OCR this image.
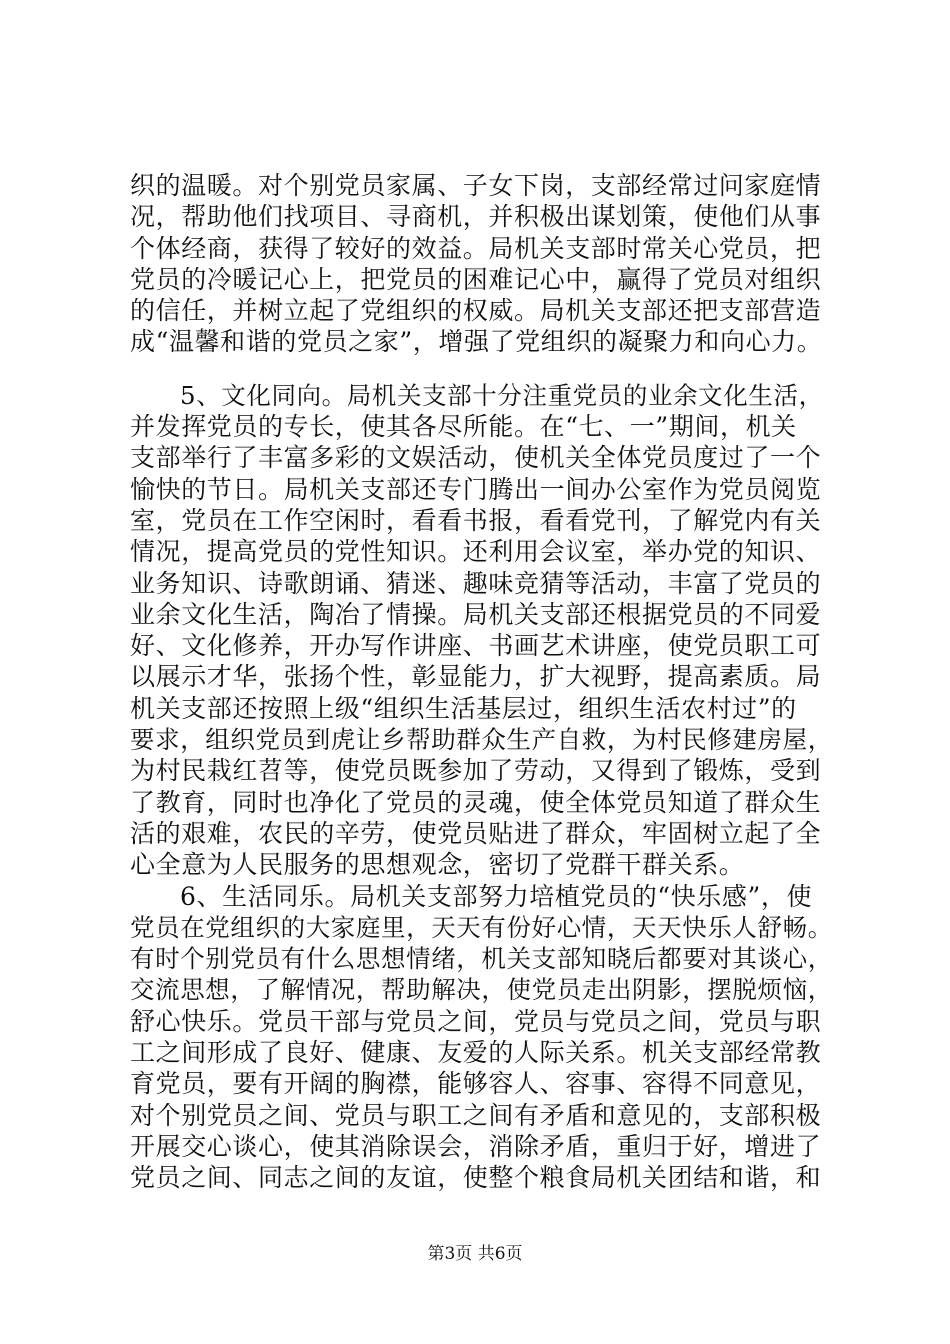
织的温暖。对个别党员家属、子女下岗，支部经常过问家庭情
况，帮助他们找项目、寻商机，并积极出谋划策，使他们从事
个体经商，获得了较好的效益。局机关支部时常关心党员，把
党员的冷暖记心上，把党员的困难记心中，赢得了党员对组织
的信任，并树立起了党组织的权威。局机关支部还把支部营造
成“温馨和谐的党员之家”，增强了党组织的凝聚力和向心力。
5、文化同向。局机关支部十分注重党员的业余文化生活，
并发挥党员的专长，使其各尽所能。在“七、一”期间，机关
支部举行了丰富多彩的文娱活动，使机关全体党员度过了一个
愉快的节日。局机关支部还专门腾出一间办公室作为党员阅览
室，党员在工作空闲时，看看书报，看看党刊，了解党内有关
情况，提高党员的党性知识。还利用会议室，举办党的知识、
业务知识、诗歌朗诵、猜迷、趣味竞猜等活动，丰富了党员的
业余文化生活，陶冶了情操。局机关支部还根据党员的不同爱
好、文化修养，开办写作讲座、书画艺术讲座，使党员职工可
以展示才华，张扬个性，彰显能力，扩大视野，提高素质。局
机关支部还按照上级“组织生活基层过，组织生活农村过”的
要求，组织党员到虎让乡帮助群众生产自救，为村民修建房屋，
为村民栽红苕等，使党员既参加了劳动，又得到了锻炼，受到
了教育，同时也净化了党员的灵魂，使全体党员知道了群众生
活的艰难，农民的辛劳，使党员贴进了群众，牢固树立起了全
心全意为人民服务的思想观念，密切了党群干群关系。
6、生活同乐。局机关支部努力培植党员的“快乐感”，使
党员在党组织的大家庭里，天天有份好心情，天天快乐人舒畅。
有时个别党员有什么思想情绪，机关支部知晓后都要对其谈心，
交流思想，了解情况，帮助解决，使党员走出阴影，摆脱烦恼，
舒心快乐。党员干部与党员之间，党员与党员之间，党员与职
工之间形成了良好、健康、友爱的人际关系。机关支部经常教
育党员，要有开阔的胸襟，能够容人、容事、容得不同意见，
对个别党员之间、党员与职工之间有矛盾和意见的，支部积极
开展交心谈心，使其消除误会，消除矛盾，重归于好，增进了
党员之间、同志之间的友谊，使整个粮食局机关团结和谐，和
第3页 共6页
